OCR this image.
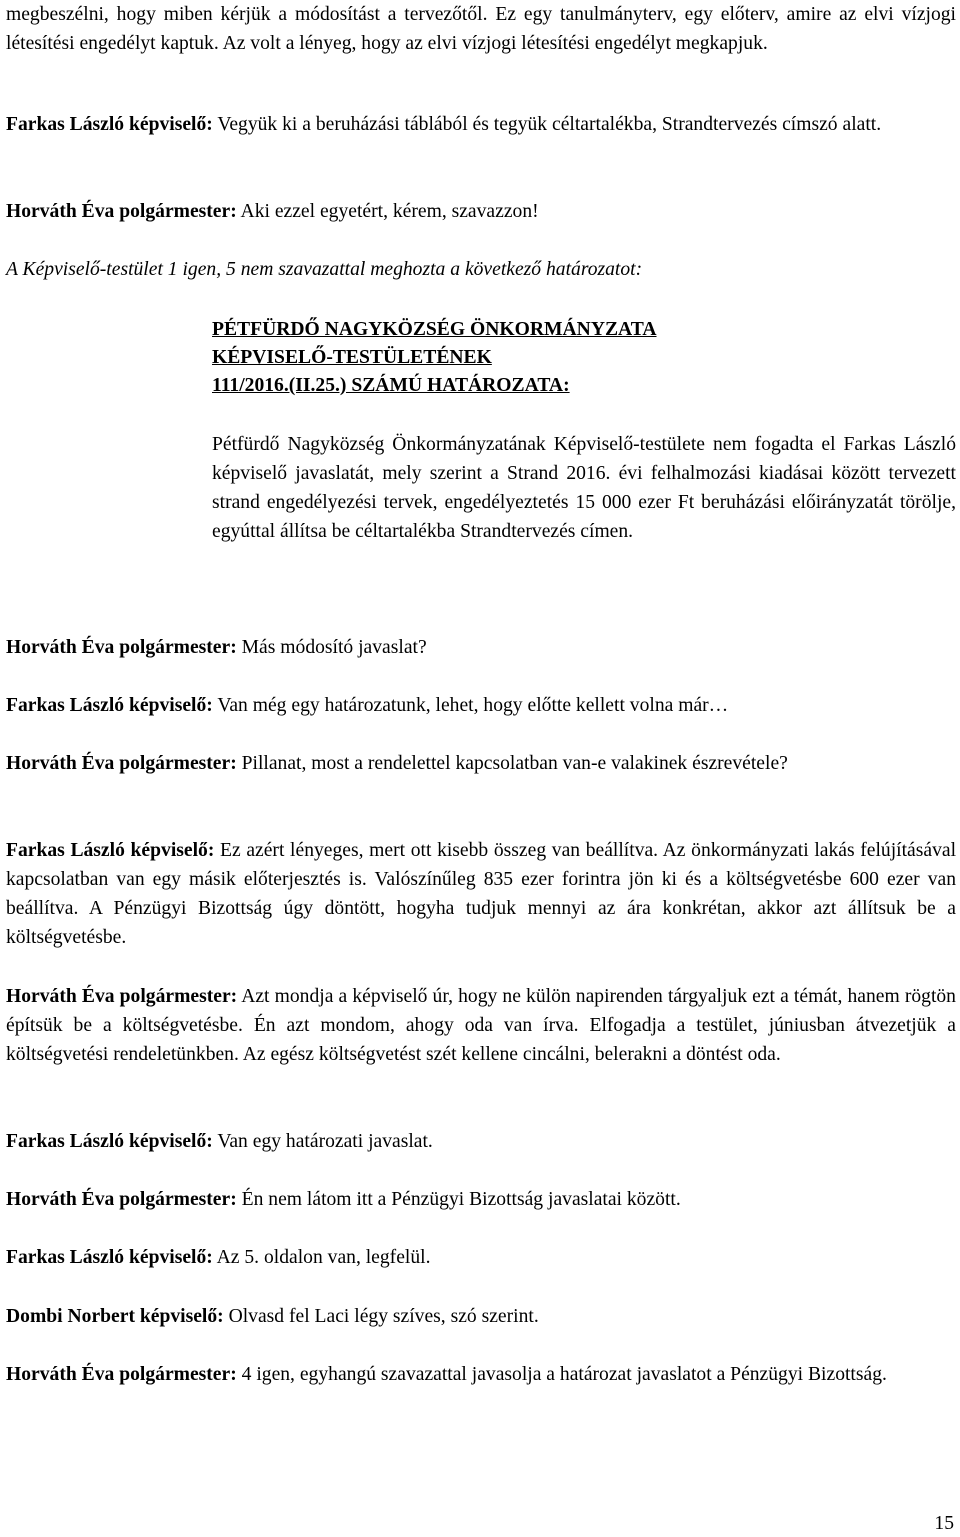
megbeszélni, hogy miben kérjük a módosítást a tervezőtől. Ez egy tanulmányterv, egy előterv, amire az elvi vízjogi létesítési engedélyt kaptuk. Az volt a lényeg, hogy az elvi vízjogi létesítési engedélyt megkapjuk.

Farkas László képviselő: Vegyük ki a beruházási táblából és tegyük céltartalékba, Strandtervezés címszó alatt.

Horváth Éva polgármester: Aki ezzel egyetért, kérem, szavazzon!

A Képviselő-testület 1 igen, 5 nem szavazattal meghozta a következő határozatot:

PÉTFÜRDŐ NAGYKÖZSÉG ÖNKORMÁNYZATA
KÉPVISELŐ-TESTÜLETÉNEK
111/2016.(II.25.) SZÁMÚ HATÁROZATA:

Pétfürdő Nagyközség Önkormányzatának Képviselő-testülete nem fogadta el Farkas László képviselő javaslatát, mely szerint a Strand 2016. évi felhalmozási kiadásai között tervezett strand engedélyezési tervek, engedélyeztetés 15 000 ezer Ft beruházási előirányzatát törölje, egyúttal állítsa be céltartalékba Strandtervezés címen.

Horváth Éva polgármester: Más módosító javaslat?

Farkas László képviselő: Van még egy határozatunk, lehet, hogy előtte kellett volna már…

Horváth Éva polgármester: Pillanat, most a rendelettel kapcsolatban van-e valakinek észrevétele?

Farkas László képviselő: Ez azért lényeges, mert ott kisebb összeg van beállítva. Az önkormányzati lakás felújításával kapcsolatban van egy másik előterjesztés is. Valószínűleg 835 ezer forintra jön ki és a költségvetésbe 600 ezer van beállítva. A Pénzügyi Bizottság úgy döntött, hogyha tudjuk mennyi az ára konkrétan, akkor azt állítsuk be a költségvetésbe.

Horváth Éva polgármester: Azt mondja a képviselő úr, hogy ne külön napirenden tárgyaljuk ezt a témát, hanem rögtön építsük be a költségvetésbe. Én azt mondom, ahogy oda van írva. Elfogadja a testület, júniusban átvezetjük a költségvetési rendeletünkben. Az egész költségvetést szét kellene cincálni, belerakni a döntést oda.

Farkas László képviselő: Van egy határozati javaslat.

Horváth Éva polgármester: Én nem látom itt a Pénzügyi Bizottság javaslatai között.

Farkas László képviselő: Az 5. oldalon van, legfelül.

Dombi Norbert képviselő: Olvasd fel Laci légy szíves, szó szerint.

Horváth Éva polgármester: 4 igen, egyhangú szavazattal javasolja a határozat javaslatot a Pénzügyi Bizottság.

15
